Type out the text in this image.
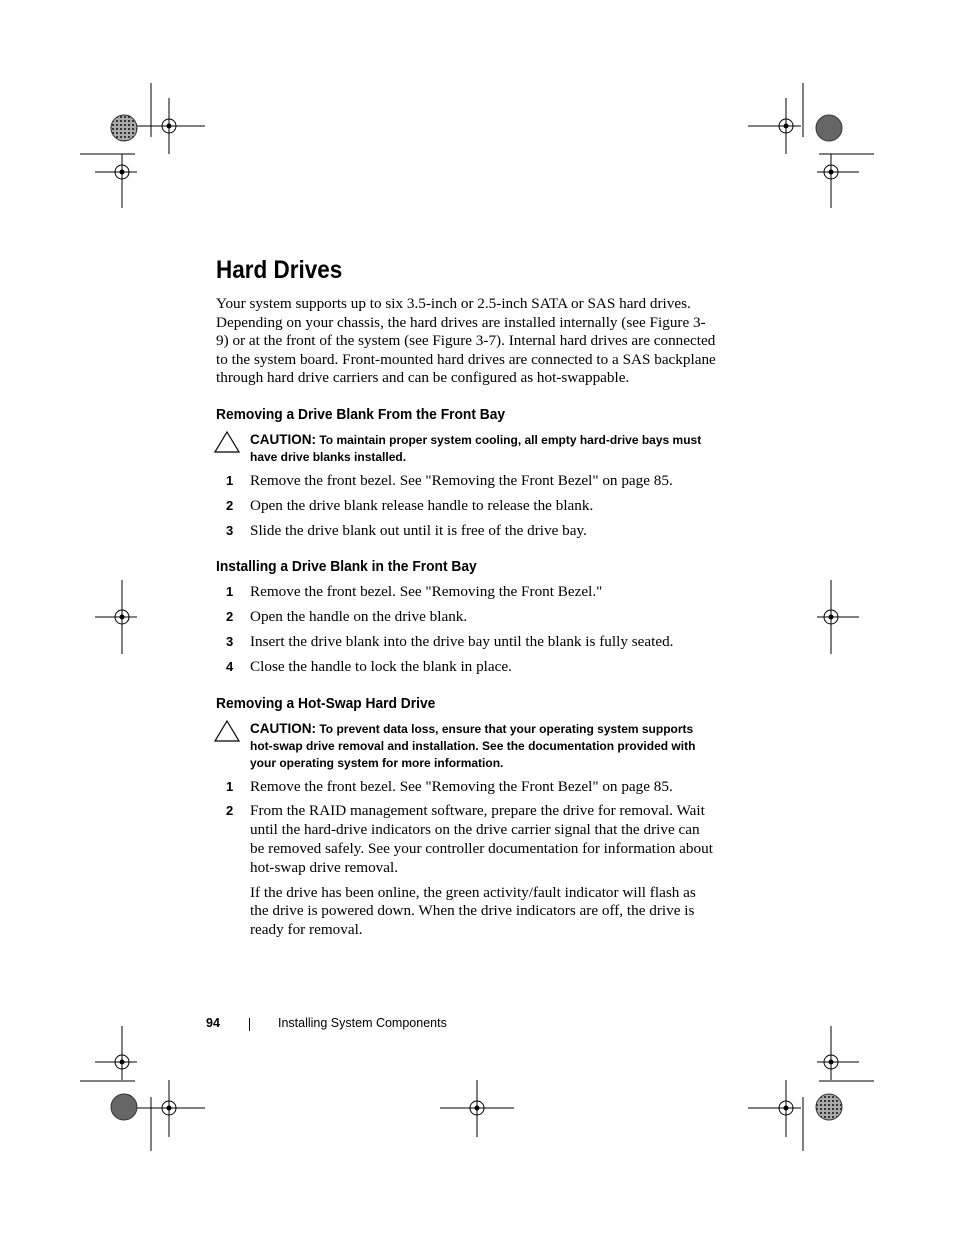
Hard Drives

Your system supports up to six 3.5-inch or 2.5-inch SATA or SAS hard drives. Depending on your chassis, the hard drives are installed internally (see Figure 3-9) or at the front of the system (see Figure 3-7). Internal hard drives are connected to the system board. Front-mounted hard drives are connected to a SAS backplane through hard drive carriers and can be configured as hot-swappable.

Removing a Drive Blank From the Front Bay
CAUTION: To maintain proper system cooling, all empty hard-drive bays must have drive blanks installed.
1 Remove the front bezel. See "Removing the Front Bezel" on page 85.
2 Open the drive blank release handle to release the blank.
3 Slide the drive blank out until it is free of the drive bay.
Installing a Drive Blank in the Front Bay
1 Remove the front bezel. See "Removing the Front Bezel."
2 Open the handle on the drive blank.
3 Insert the drive blank into the drive bay until the blank is fully seated.
4 Close the handle to lock the blank in place.
Removing a Hot-Swap Hard Drive
CAUTION: To prevent data loss, ensure that your operating system supports hot-swap drive removal and installation. See the documentation provided with your operating system for more information.
1 Remove the front bezel. See "Removing the Front Bezel" on page 85.
2 From the RAID management software, prepare the drive for removal. Wait until the hard-drive indicators on the drive carrier signal that the drive can be removed safely. See your controller documentation for information about hot-swap drive removal.
If the drive has been online, the green activity/fault indicator will flash as the drive is powered down. When the drive indicators are off, the drive is ready for removal.
94	Installing System Components
